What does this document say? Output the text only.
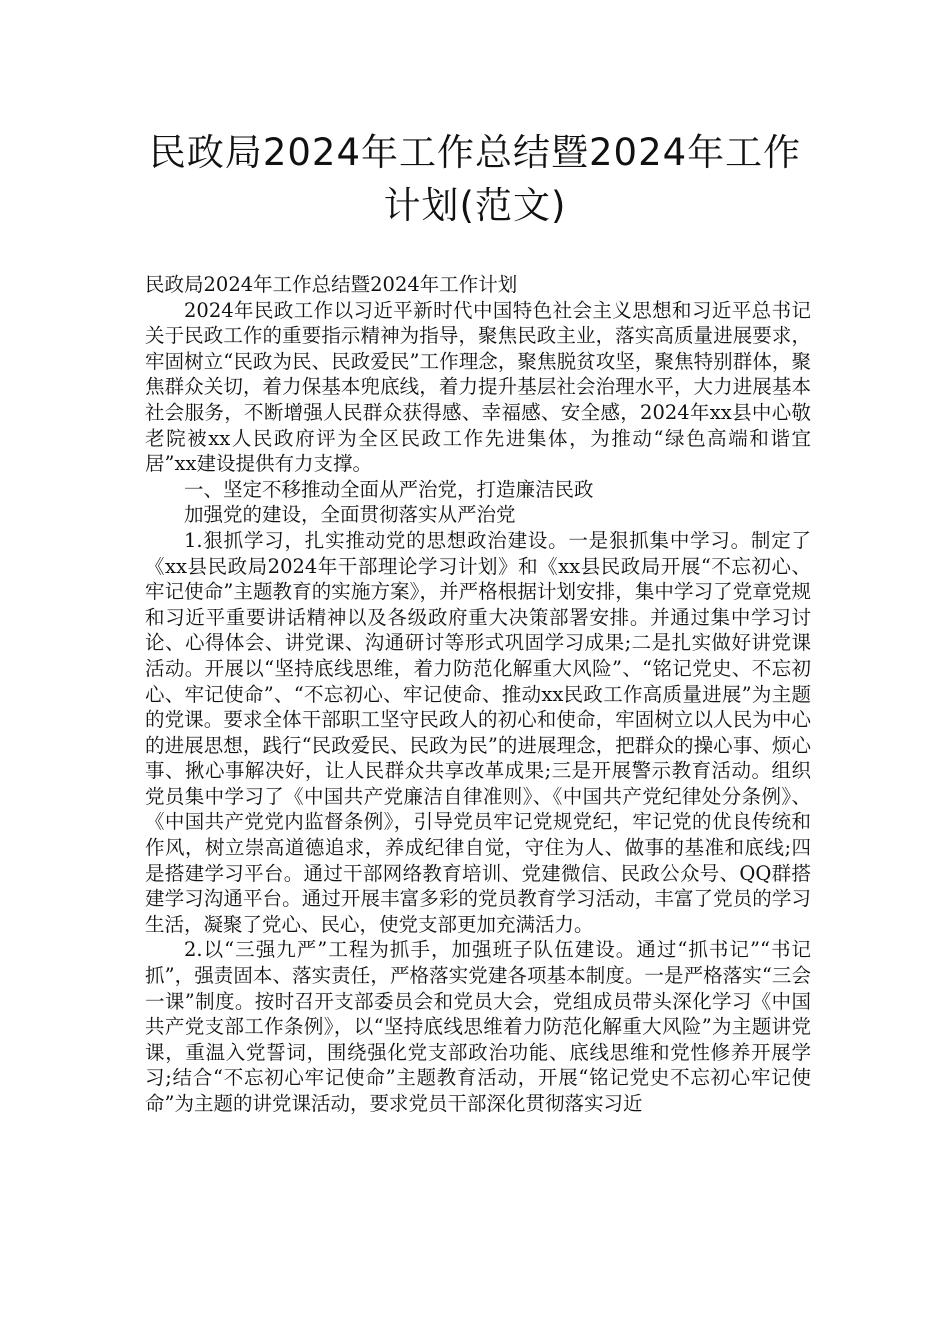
民政局2024年工作总结暨2024年工作
计划(范文)

民政局2024年工作总结暨2024年工作计划

2024年民政工作以习近平新时代中国特色社会主义思想和习近平总书记关于民政工作的重要指示精神为指导，聚焦民政主业，落实高质量进展要求，牢固树立“民政为民、民政爱民”工作理念，聚焦脱贫攻坚，聚焦特别群体，聚焦群众关切，着力保基本兜底线，着力提升基层社会治理水平，大力进展基本社会服务，不断增强人民群众获得感、幸福感、安全感，2024年xx县中心敬老院被xx人民政府评为全区民政工作先进集体，为推动“绿色高端和谐宜居”xx建设提供有力支撑。

一、坚定不移推动全面从严治党，打造廉洁民政

加强党的建设，全面贯彻落实从严治党

1.狠抓学习，扎实推动党的思想政治建设。一是狠抓集中学习。制定了《xx县民政局2024年干部理论学习计划》和《xx县民政局开展“不忘初心、牢记使命”主题教育的实施方案》，并严格根据计划安排，集中学习了党章党规和习近平重要讲话精神以及各级政府重大决策部署安排。并通过集中学习讨论、心得体会、讲党课、沟通研讨等形式巩固学习成果;二是扎实做好讲党课活动。开展以“坚持底线思维，着力防范化解重大风险”、“铭记党史、不忘初心、牢记使命”、“不忘初心、牢记使命、推动xx民政工作高质量进展”为主题的党课。要求全体干部职工坚守民政人的初心和使命，牢固树立以人民为中心的进展思想，践行“民政爱民、民政为民”的进展理念，把群众的操心事、烦心事、揪心事解决好，让人民群众共享改革成果;三是开展警示教育活动。组织党员集中学习了《中国共产党廉洁自律准则》、《中国共产党纪律处分条例》、《中国共产党党内监督条例》，引导党员牢记党规党纪，牢记党的优良传统和作风，树立崇高道德追求，养成纪律自觉，守住为人、做事的基准和底线;四是搭建学习平台。通过干部网络教育培训、党建微信、民政公众号、QQ群搭建学习沟通平台。通过开展丰富多彩的党员教育学习活动，丰富了党员的学习生活，凝聚了党心、民心，使党支部更加充满活力。

2.以“三强九严”工程为抓手，加强班子队伍建设。通过“抓书记”“书记抓”，强责固本、落实责任，严格落实党建各项基本制度。一是严格落实“三会一课”制度。按时召开支部委员会和党员大会，党组成员带头深化学习《中国共产党支部工作条例》，以“坚持底线思维着力防范化解重大风险”为主题讲党课，重温入党誓词，围绕强化党支部政治功能、底线思维和党性修养开展学习;结合“不忘初心牢记使命”主题教育活动，开展“铭记党史不忘初心牢记使命”为主题的讲党课活动，要求党员干部深化贯彻落实习近
